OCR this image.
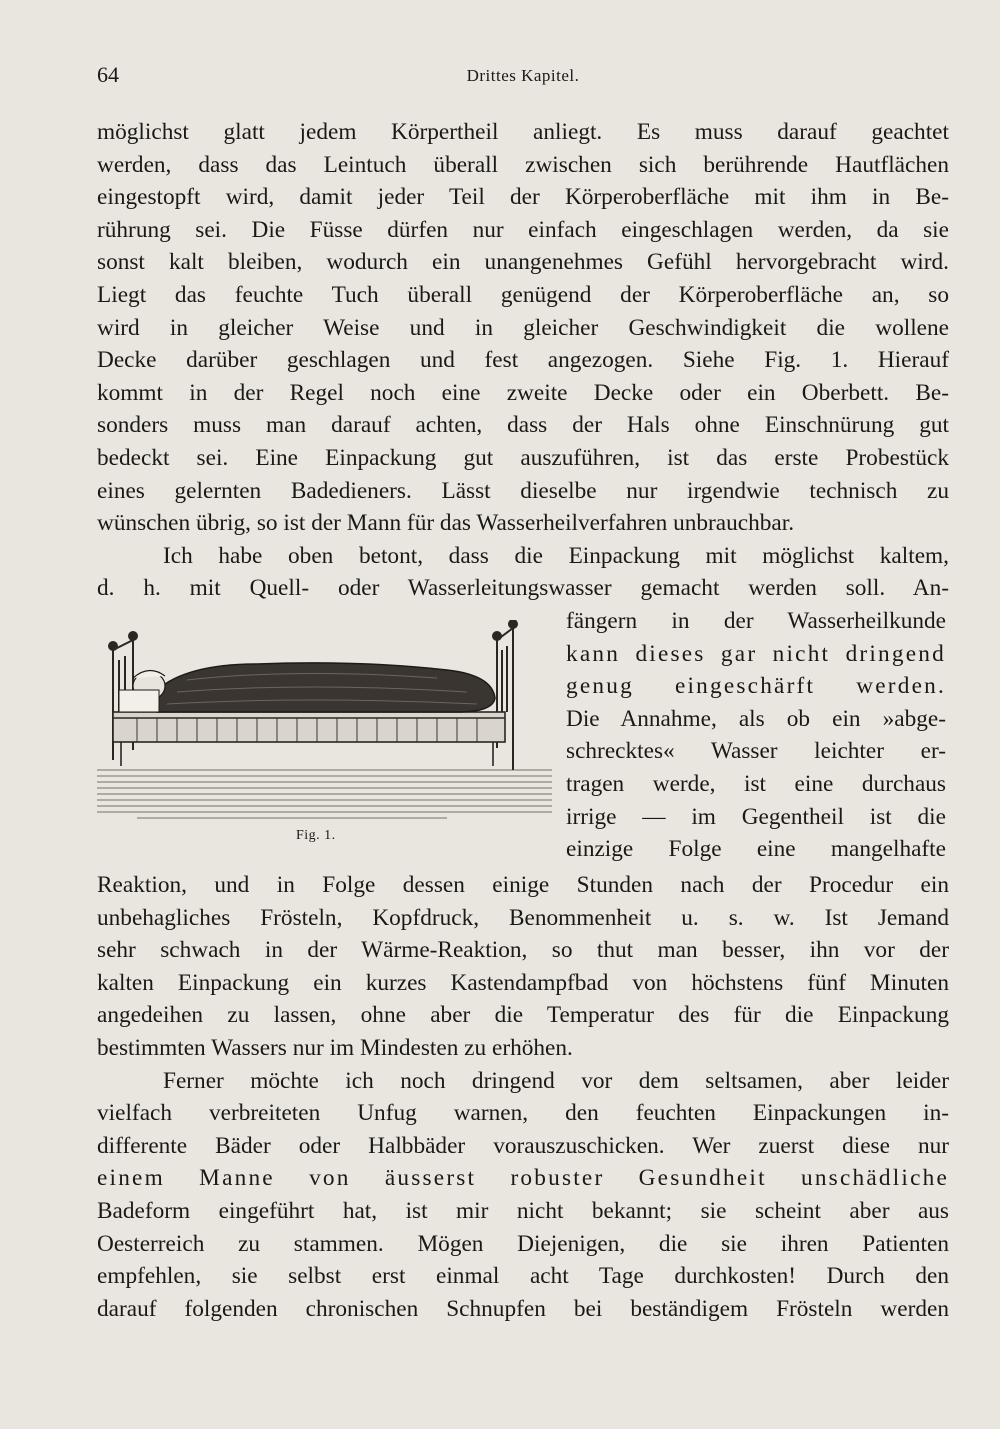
64	Drittes Kapitel.
möglichst glatt jedem Körpertheil anliegt. Es muss darauf geachtet
werden, dass das Leintuch überall zwischen sich berührende Hautflächen
eingestopft wird, damit jeder Teil der Körperoberfläche mit ihm in Be-
rührung sei. Die Füsse dürfen nur einfach eingeschlagen werden, da sie
sonst kalt bleiben, wodurch ein unangenehmes Gefühl hervorgebracht wird.
Liegt das feuchte Tuch überall genügend der Körperoberfläche an, so
wird in gleicher Weise und in gleicher Geschwindigkeit die wollene
Decke darüber geschlagen und fest angezogen. Siehe Fig. 1. Hierauf
kommt in der Regel noch eine zweite Decke oder ein Oberbett. Be-
sonders muss man darauf achten, dass der Hals ohne Einschnürung gut
bedeckt sei. Eine Einpackung gut auszuführen, ist das erste Probestück
eines gelernten Badedieners. Lässt dieselbe nur irgendwie technisch zu
wünschen übrig, so ist der Mann für das Wasserheilverfahren unbrauchbar.
Ich habe oben betont, dass die Einpackung mit möglichst kaltem,
d. h. mit Quell- oder Wasserleitungswasser gemacht werden soll. An-
fängern in der Wasserheilkunde
kann dieses gar nicht dringend
genug eingeschärft werden.
Die Annahme, als ob ein »abge-
schrecktes« Wasser leichter er-
tragen werde, ist eine durchaus
irrige — im Gegentheil ist die
einzige Folge eine mangelhafte
Fig. 1.
Reaktion, und in Folge dessen einige Stunden nach der Procedur ein
unbehagliches Frösteln, Kopfdruck, Benommenheit u. s. w. Ist Jemand
sehr schwach in der Wärme-Reaktion, so thut man besser, ihn vor der
kalten Einpackung ein kurzes Kastendampfbad von höchstens fünf Minuten
angedeihen zu lassen, ohne aber die Temperatur des für die Einpackung
bestimmten Wassers nur im Mindesten zu erhöhen.
Ferner möchte ich noch dringend vor dem seltsamen, aber leider
vielfach verbreiteten Unfug warnen, den feuchten Einpackungen in-
differente Bäder oder Halbbäder vorauszuschicken. Wer zuerst diese nur
einem Manne von äusserst robuster Gesundheit unschädliche
Badeform eingeführt hat, ist mir nicht bekannt; sie scheint aber aus
Oesterreich zu stammen. Mögen Diejenigen, die sie ihren Patienten
empfehlen, sie selbst erst einmal acht Tage durchkosten! Durch den
darauf folgenden chronischen Schnupfen bei beständigem Frösteln werden
